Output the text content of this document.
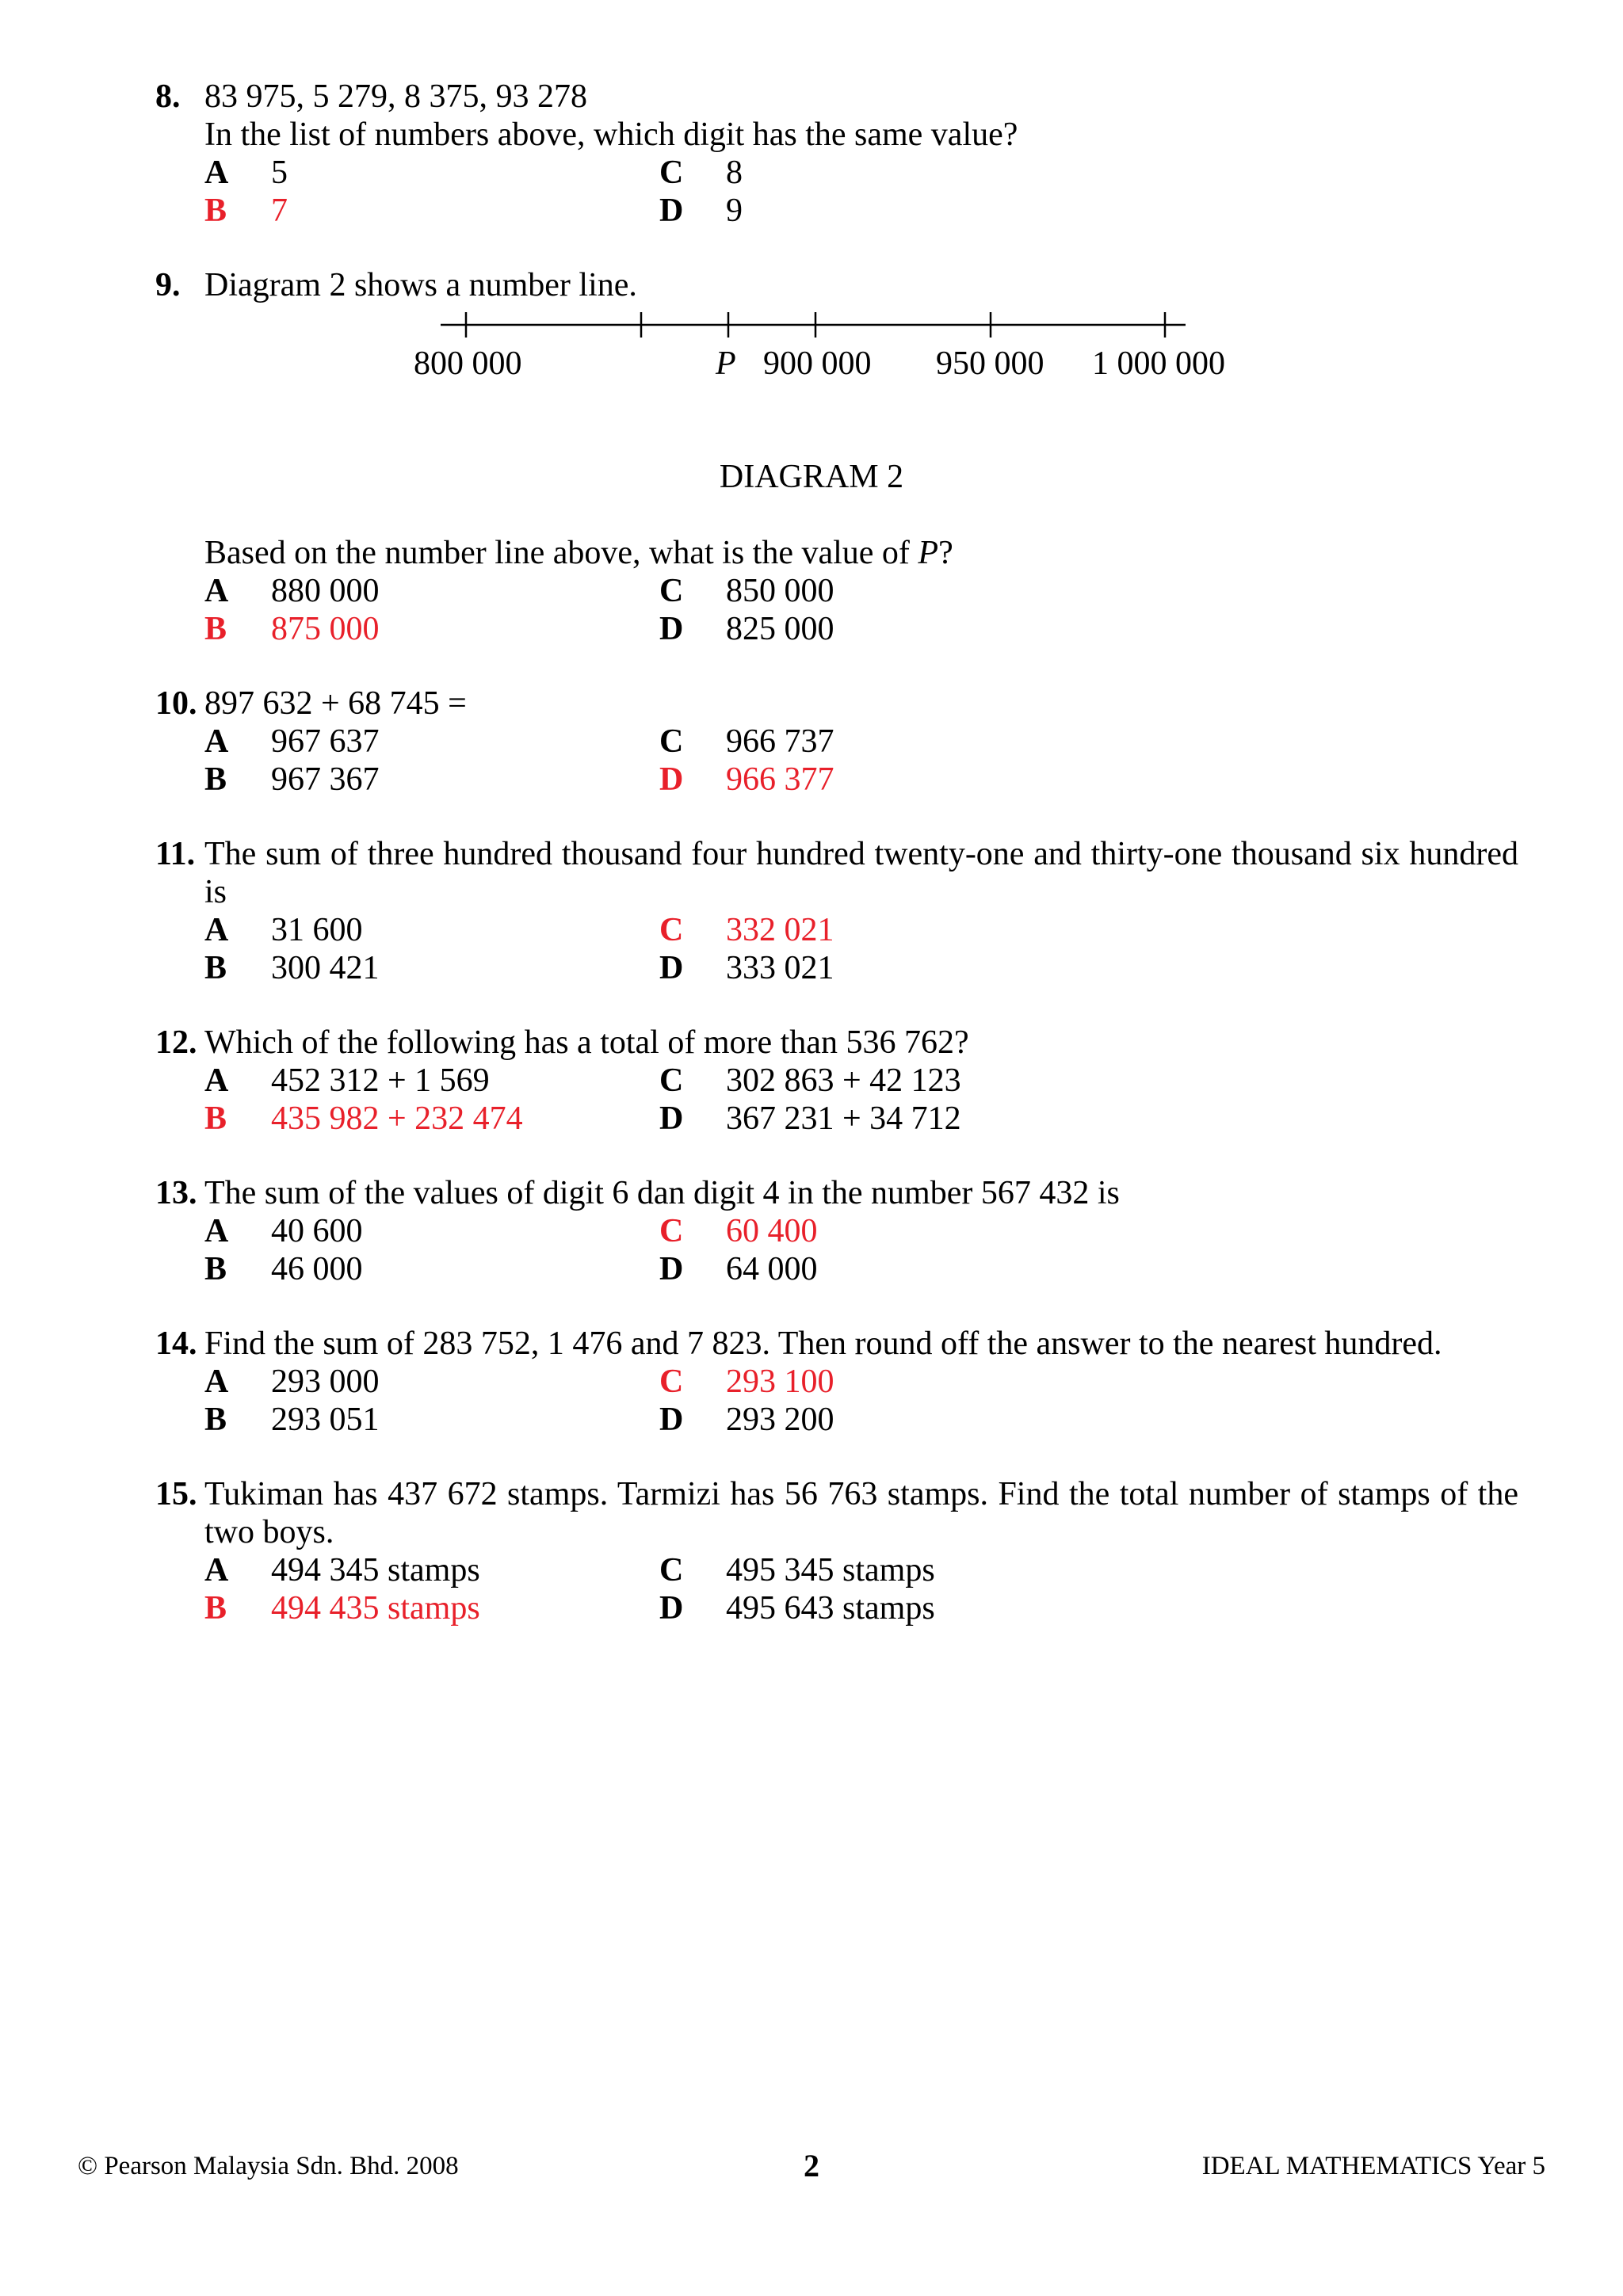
8. 83 975, 5 279, 8 375, 93 278
In the list of numbers above, which digit has the same value?
A 5	C 8
B 7	D 9
9. Diagram 2 shows a number line.
800 000	P 900 000 950 000 1 000 000
DIAGRAM 2
Based on the number line above, what is the value of P?
A 880 000	C 850 000
B 875 000	D 825 000
10. 897 632 + 68 745 =
A 967 637	C 966 737
B 967 367	D 966 377
11. The sum of three hundred thousand four hundred twenty-one and thirty-one thousand six hundred
is
A 31 600	C 332 021
B 300 421	D 333 021
12. Which of the following has a total of more than 536 762?
A 452 312 + 1 569	C 302 863 + 42 123
B 435 982 + 232 474	D 367 231 + 34 712
13. The sum of the values of digit 6 dan digit 4 in the number 567 432 is
A 40 600	C 60 400
B 46 000	D 64 000
14. Find the sum of 283 752, 1 476 and 7 823. Then round off the answer to the nearest hundred.
A 293 000	C 293 100
B 293 051	D 293 200
15. Tukiman has 437 672 stamps. Tarmizi has 56 763 stamps. Find the total number of stamps of the
two boys.
A 494 345 stamps	C 495 345 stamps
B 494 435 stamps	D 495 643 stamps
© Pearson Malaysia Sdn. Bhd. 2008	2	IDEAL MATHEMATICS Year 5
